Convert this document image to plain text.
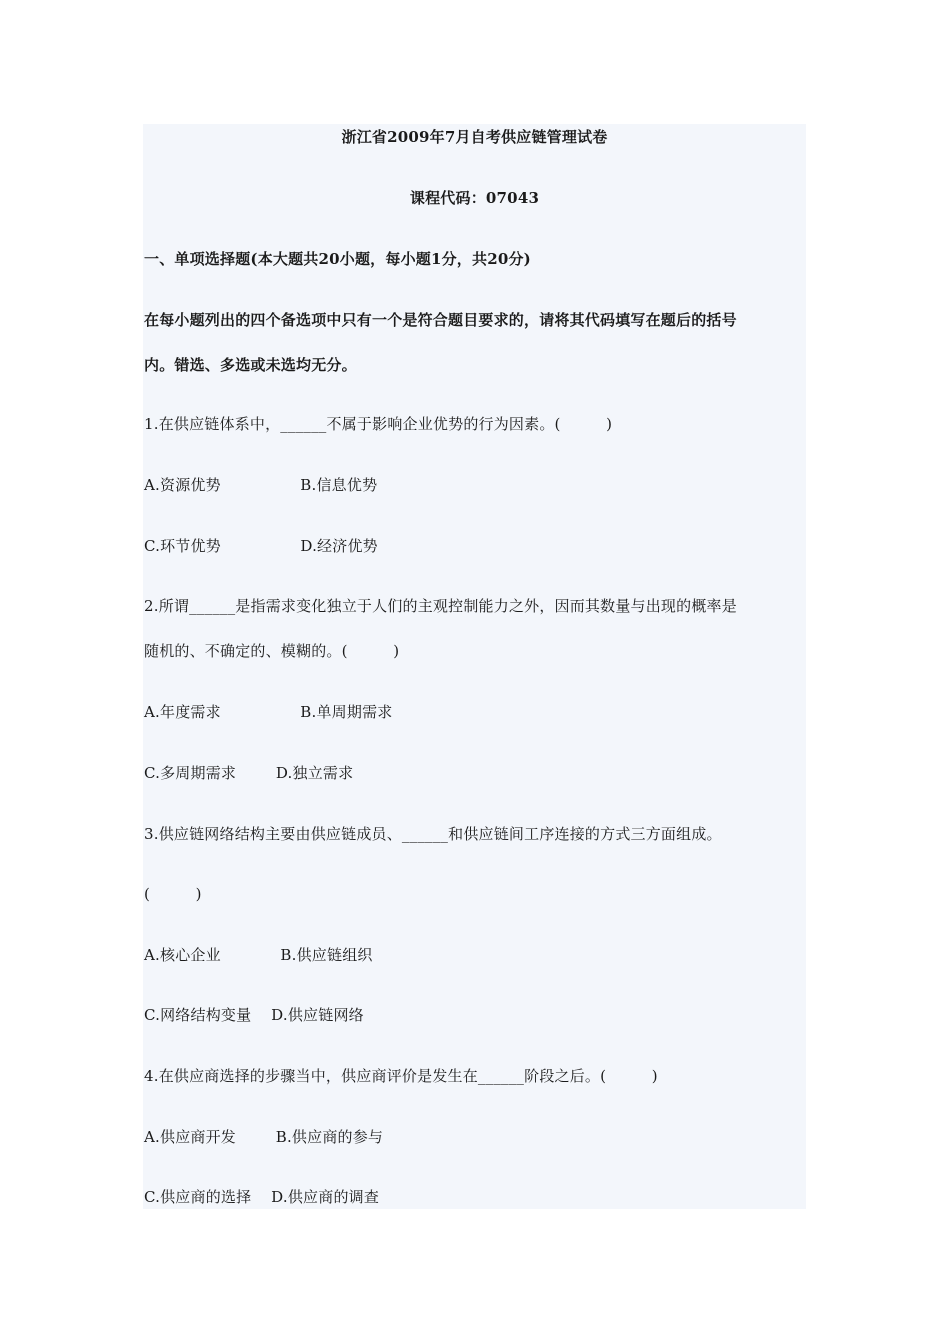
浙江省2009年7月自考供应链管理试卷
课程代码：07043
一、单项选择题(本大题共20小题，每小题1分，共20分)
在每小题列出的四个备选项中只有一个是符合题目要求的，请将其代码填写在题后的括号
内。错选、多选或未选均无分。
1.在供应链体系中，______不属于影响企业优势的行为因素。(　　　)
A.资源优势                B.信息优势
C.环节优势                D.经济优势
2.所谓______是指需求变化独立于人们的主观控制能力之外，因而其数量与出现的概率是
随机的、不确定的、模糊的。(　　　)
A.年度需求                B.单周期需求
C.多周期需求        D.独立需求
3.供应链网络结构主要由供应链成员、______和供应链间工序连接的方式三方面组成。
(　　　)
A.核心企业            B.供应链组织
C.网络结构变量    D.供应链网络
4.在供应商选择的步骤当中，供应商评价是发生在______阶段之后。(　　　)
A.供应商开发        B.供应商的参与
C.供应商的选择    D.供应商的调查
